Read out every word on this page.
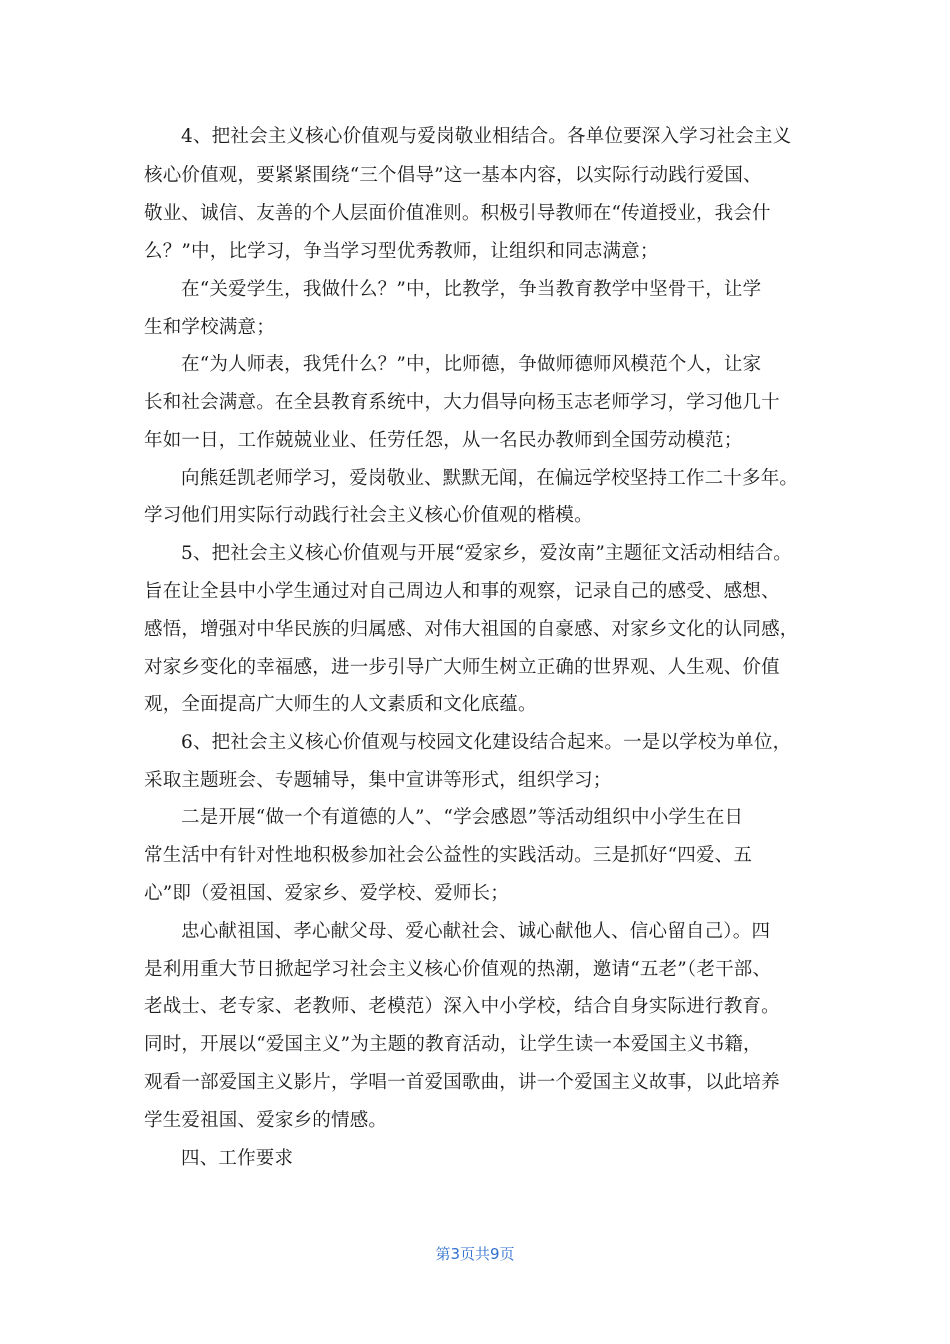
4、把社会主义核心价值观与爱岗敬业相结合。各单位要深入学习社会主义
核心价值观，要紧紧围绕“三个倡导”这一基本内容，以实际行动践行爱国、
敬业、诚信、友善的个人层面价值准则。积极引导教师在“传道授业，我会什
么？”中，比学习，争当学习型优秀教师，让组织和同志满意；
在“关爱学生，我做什么？”中，比教学，争当教育教学中坚骨干，让学
生和学校满意；
在“为人师表，我凭什么？”中，比师德，争做师德师风模范个人，让家
长和社会满意。在全县教育系统中，大力倡导向杨玉志老师学习，学习他几十
年如一日，工作兢兢业业、任劳任怨，从一名民办教师到全国劳动模范；
向熊廷凯老师学习，爱岗敬业、默默无闻，在偏远学校坚持工作二十多年。
学习他们用实际行动践行社会主义核心价值观的楷模。
5、把社会主义核心价值观与开展“爱家乡，爱汝南”主题征文活动相结合。
旨在让全县中小学生通过对自己周边人和事的观察，记录自己的感受、感想、
感悟，增强对中华民族的归属感、对伟大祖国的自豪感、对家乡文化的认同感，
对家乡变化的幸福感，进一步引导广大师生树立正确的世界观、人生观、价值
观，全面提高广大师生的人文素质和文化底蕴。
6、把社会主义核心价值观与校园文化建设结合起来。一是以学校为单位，
采取主题班会、专题辅导，集中宣讲等形式，组织学习；
二是开展“做一个有道德的人”、“学会感恩”等活动组织中小学生在日
常生活中有针对性地积极参加社会公益性的实践活动。三是抓好“四爱、五
心”即（爱祖国、爱家乡、爱学校、爱师长；
忠心献祖国、孝心献父母、爱心献社会、诚心献他人、信心留自己）。四
是利用重大节日掀起学习社会主义核心价值观的热潮，邀请“五老”（老干部、
老战士、老专家、老教师、老模范）深入中小学校，结合自身实际进行教育。
同时，开展以“爱国主义”为主题的教育活动，让学生读一本爱国主义书籍，
观看一部爱国主义影片，学唱一首爱国歌曲，讲一个爱国主义故事，以此培养
学生爱祖国、爱家乡的情感。
四、工作要求
第3页共9页
